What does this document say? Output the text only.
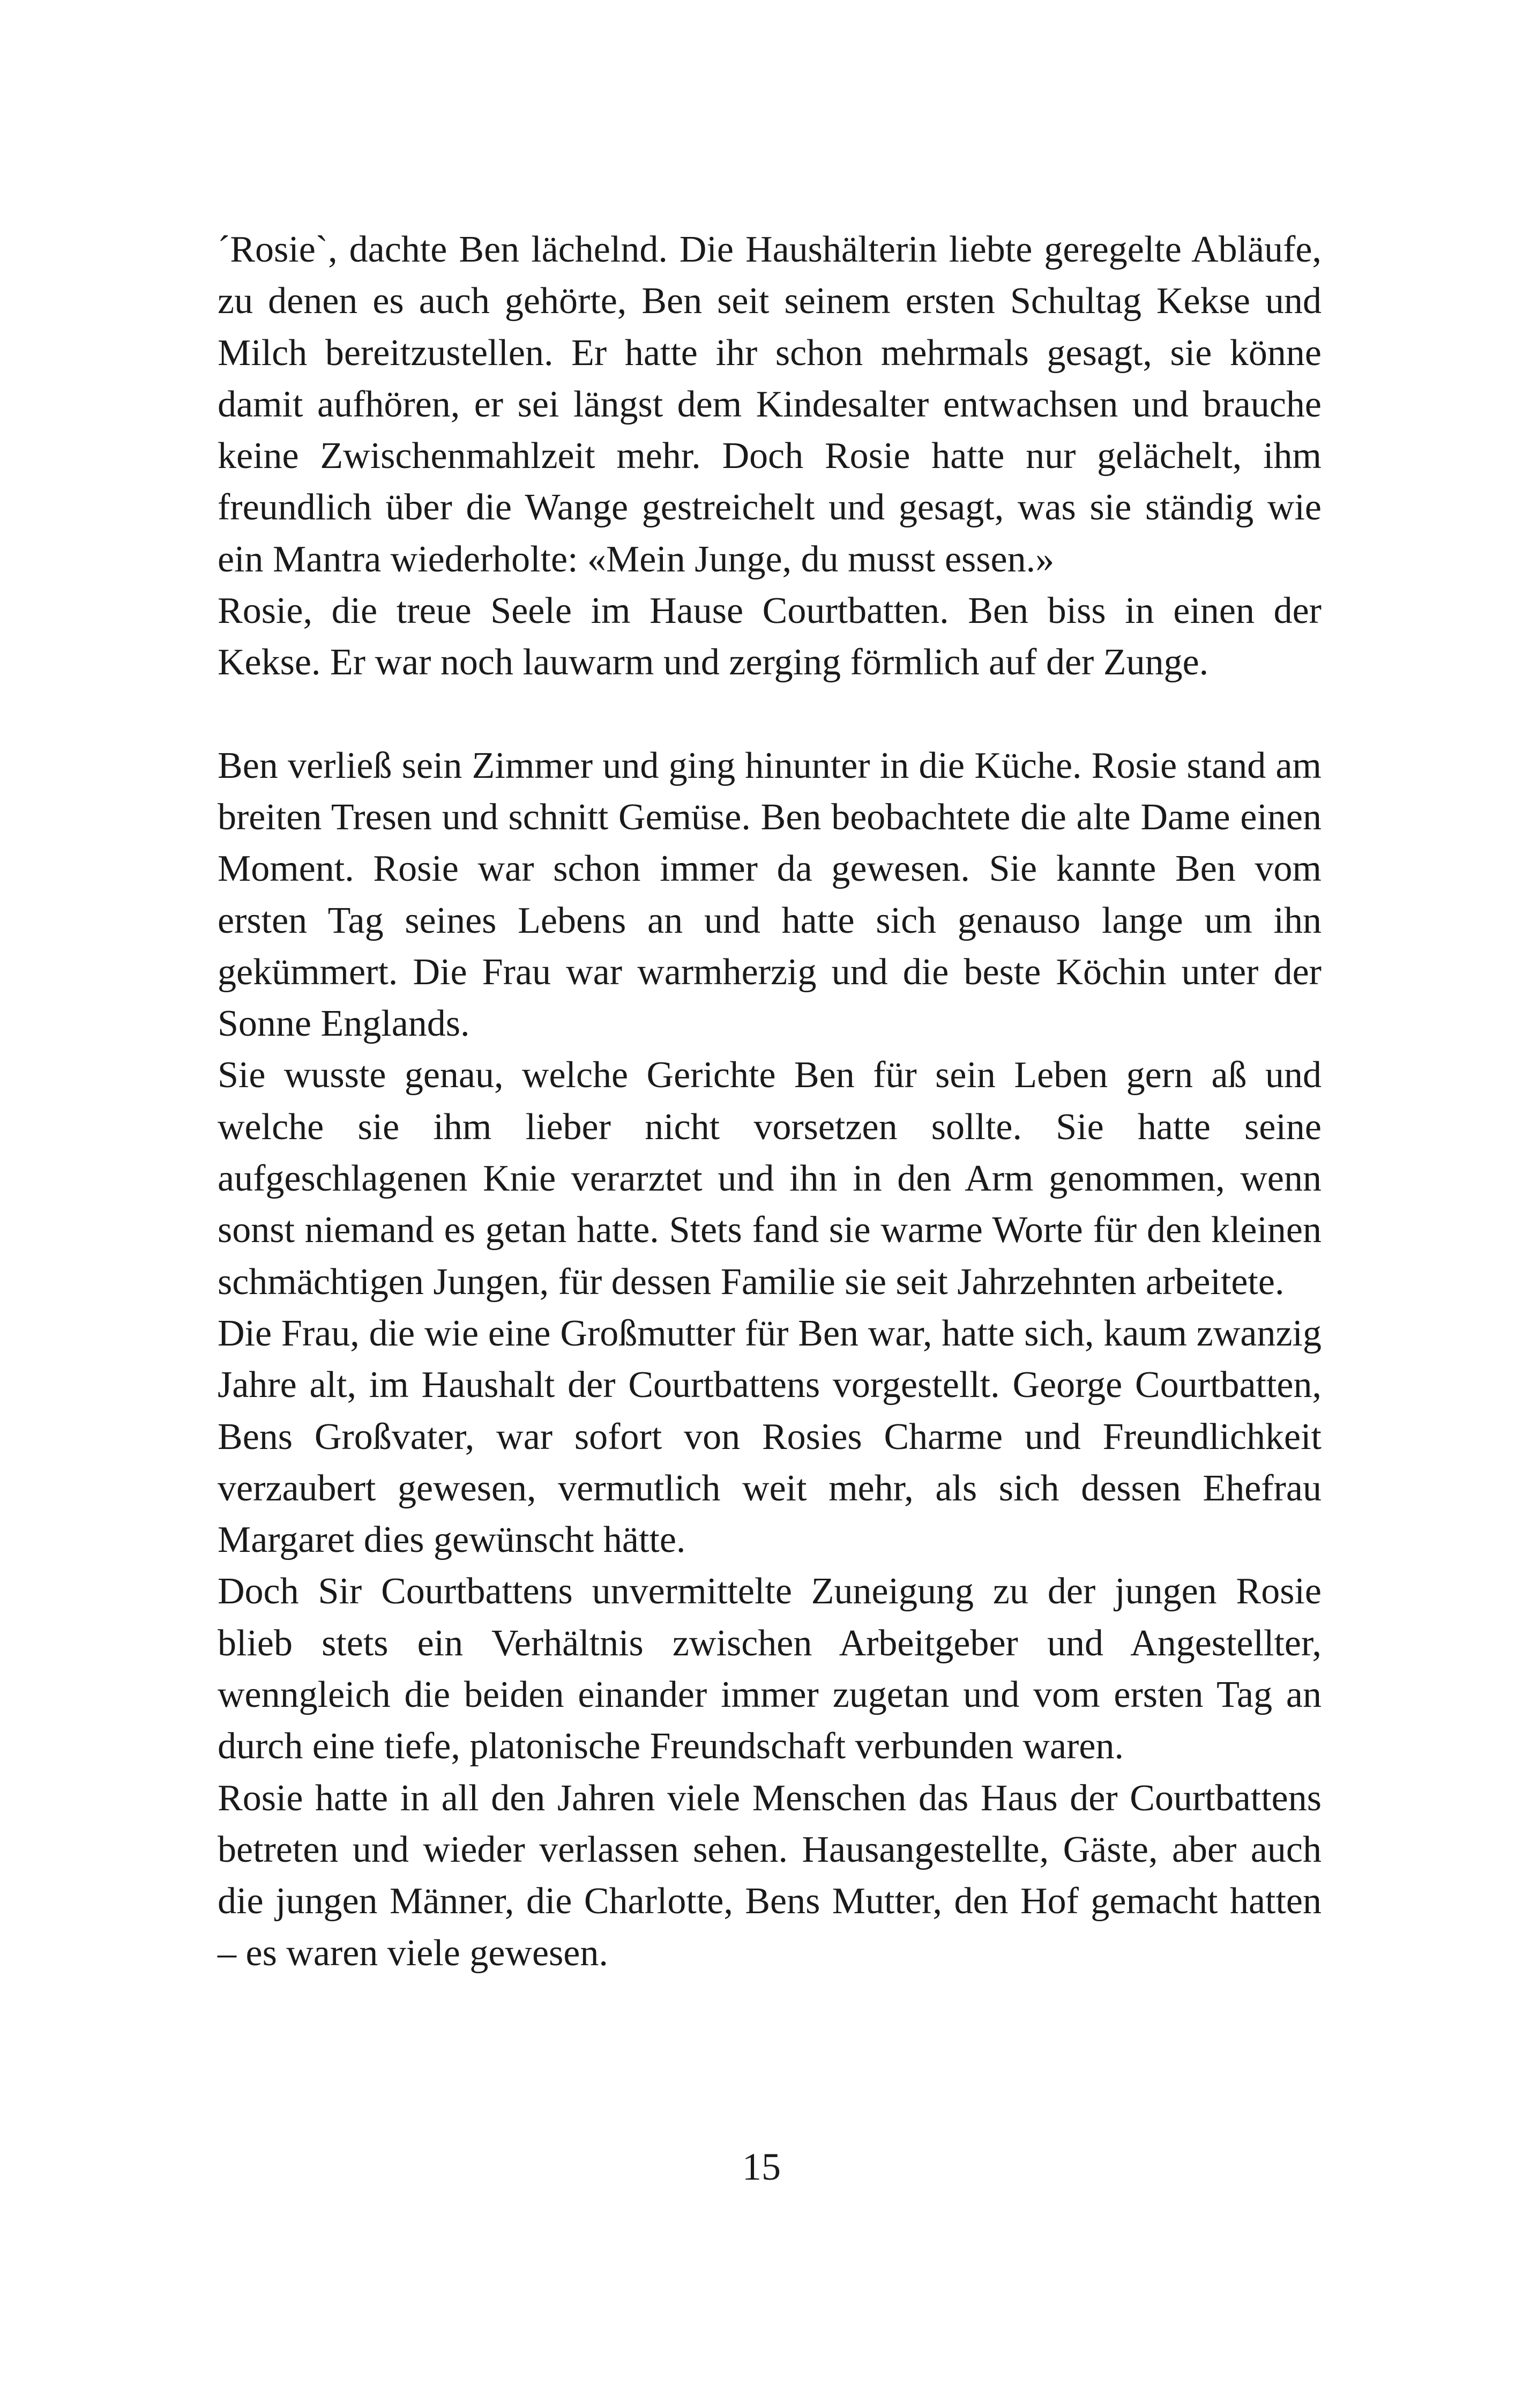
´Rosie`, dachte Ben lächelnd. Die Haushälterin liebte geregelte Abläufe, zu denen es auch gehörte, Ben seit seinem ersten Schultag Kekse und Milch bereitzustellen. Er hatte ihr schon mehrmals gesagt, sie könne damit aufhören, er sei längst dem Kindesalter entwachsen und brauche keine Zwischenmahlzeit mehr. Doch Rosie hatte nur gelächelt, ihm freundlich über die Wange gestreichelt und gesagt, was sie ständig wie ein Mantra wiederholte: «Mein Junge, du musst essen.»

Rosie, die treue Seele im Hause Courtbatten. Ben biss in einen der Kekse. Er war noch lauwarm und zerging förmlich auf der Zunge.

Ben verließ sein Zimmer und ging hinunter in die Küche. Rosie stand am breiten Tresen und schnitt Gemüse. Ben beobachtete die alte Dame einen Moment. Rosie war schon immer da gewesen. Sie kannte Ben vom ersten Tag seines Lebens an und hatte sich genauso lange um ihn gekümmert. Die Frau war warmherzig und die beste Köchin unter der Sonne Englands.

Sie wusste genau, welche Gerichte Ben für sein Leben gern aß und welche sie ihm lieber nicht vorsetzen sollte. Sie hatte seine aufgeschlagenen Knie verarztet und ihn in den Arm genommen, wenn sonst niemand es getan hatte. Stets fand sie warme Worte für den kleinen schmächtigen Jungen, für dessen Familie sie seit Jahrzehnten arbeitete.

Die Frau, die wie eine Großmutter für Ben war, hatte sich, kaum zwanzig Jahre alt, im Haushalt der Courtbattens vorgestellt. George Courtbatten, Bens Großvater, war sofort von Rosies Charme und Freundlichkeit verzaubert gewesen, vermutlich weit mehr, als sich dessen Ehefrau Margaret dies gewünscht hätte.

Doch Sir Courtbattens unvermittelte Zuneigung zu der jungen Rosie blieb stets ein Verhältnis zwischen Arbeitgeber und Angestellter, wenngleich die beiden einander immer zugetan und vom ersten Tag an durch eine tiefe, platonische Freundschaft verbunden waren.

Rosie hatte in all den Jahren viele Menschen das Haus der Courtbattens betreten und wieder verlassen sehen. Hausangestellte, Gäste, aber auch die jungen Männer, die Charlotte, Bens Mutter, den Hof gemacht hatten – es waren viele gewesen.

15
